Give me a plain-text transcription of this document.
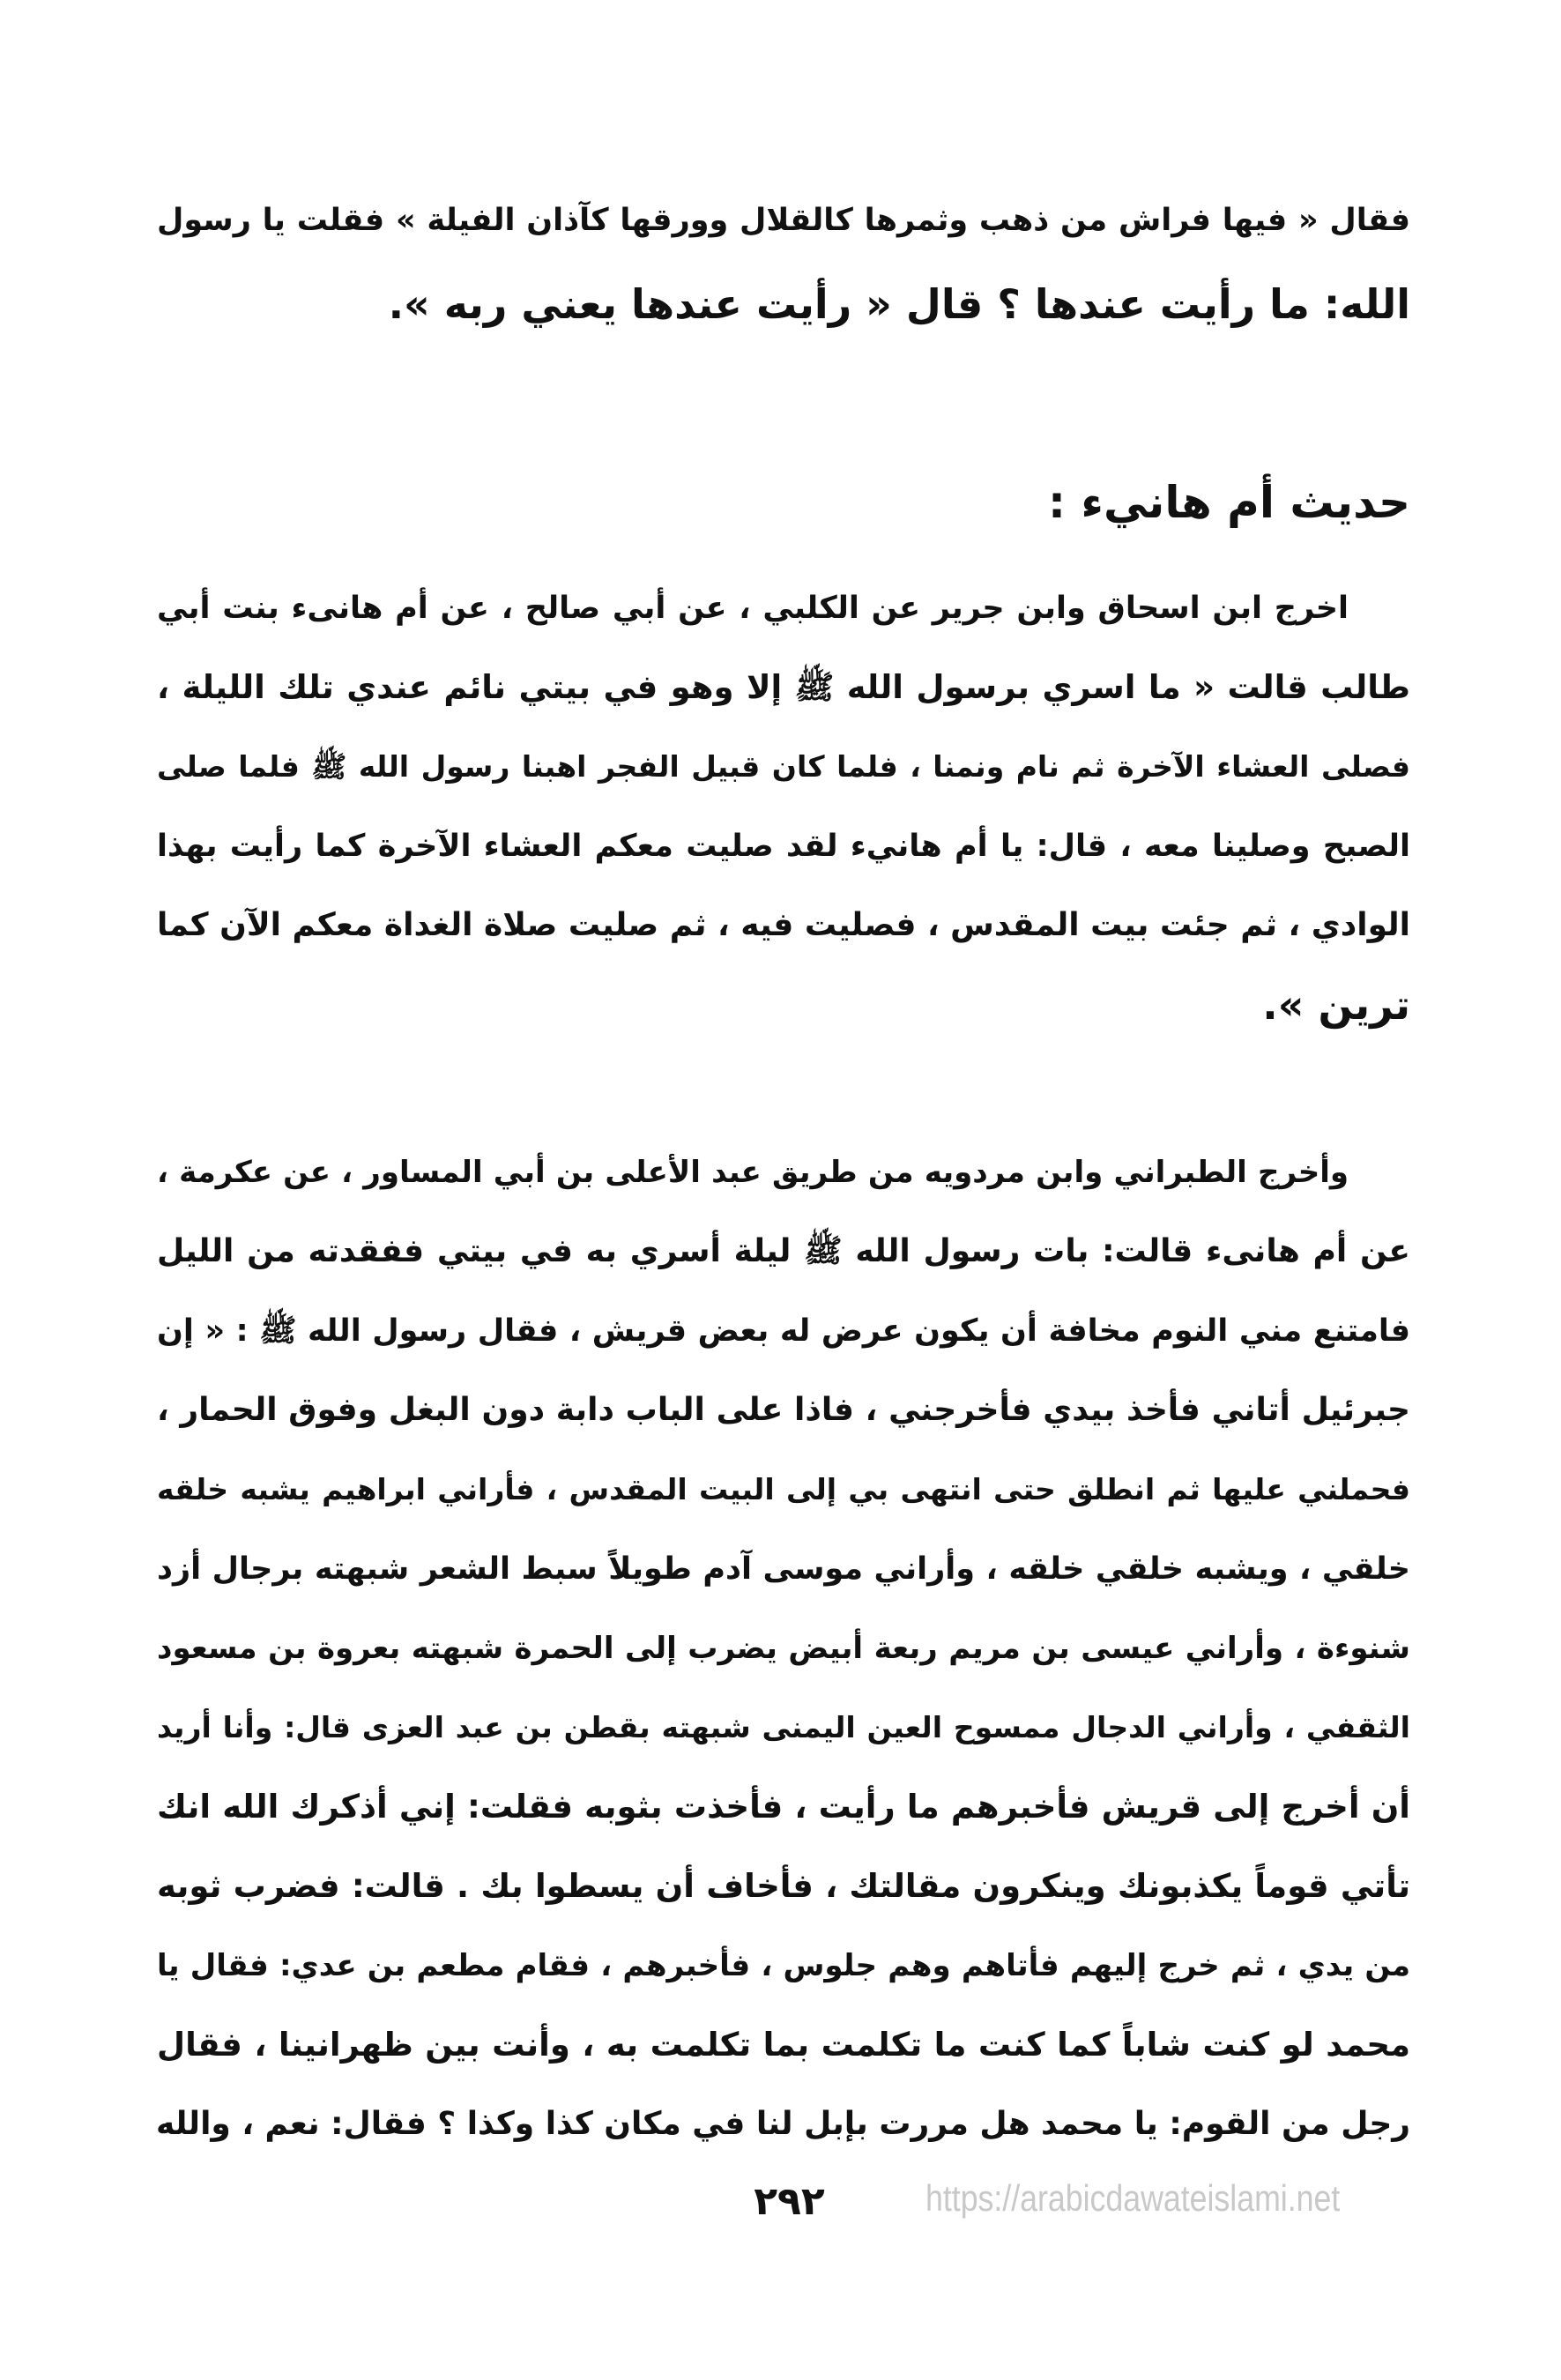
فقال « فيها فراش من ذهب وثمرها كالقلال وورقها كآذان الفيلة » فقلت يا رسول
الله: ما رأيت عندها ؟ قال « رأيت عندها يعني ربه ».
حديث أم هانيء :
اخرج ابن اسحاق وابن جرير عن الكلبي ، عن أبي صالح ، عن أم هانىء بنت أبي
طالب قالت « ما اسري برسول الله ﷺ إلا وهو في بيتي نائم عندي تلك الليلة ،
فصلى العشاء الآخرة ثم نام ونمنا ، فلما كان قبيل الفجر اهبنا رسول الله ﷺ فلما صلى
الصبح وصلينا معه ، قال: يا أم هانيء لقد صليت معكم العشاء الآخرة كما رأيت بهذا
الوادي ، ثم جئت بيت المقدس ، فصليت فيه ، ثم صليت صلاة الغداة معكم الآن كما
ترين ».
وأخرج الطبراني وابن مردويه من طريق عبد الأعلى بن أبي المساور ، عن عكرمة ،
عن أم هانىء قالت: بات رسول الله ﷺ ليلة أسري به في بيتي ففقدته من الليل
فامتنع مني النوم مخافة أن يكون عرض له بعض قريش ، فقال رسول الله ﷺ : « إن
جبرئيل أتاني فأخذ بيدي فأخرجني ، فاذا على الباب دابة دون البغل وفوق الحمار ،
فحملني عليها ثم انطلق حتى انتهى بي إلى البيت المقدس ، فأراني ابراهيم يشبه خلقه
خلقي ، ويشبه خلقي خلقه ، وأراني موسى آدم طويلاً سبط الشعر شبهته برجال أزد
شنوءة ، وأراني عيسى بن مريم ربعة أبيض يضرب إلى الحمرة شبهته بعروة بن مسعود
الثقفي ، وأراني الدجال ممسوح العين اليمنى شبهته بقطن بن عبد العزى قال: وأنا أريد
أن أخرج إلى قريش فأخبرهم ما رأيت ، فأخذت بثوبه فقلت: إني أذكرك الله انك
تأتي قوماً يكذبونك وينكرون مقالتك ، فأخاف أن يسطوا بك . قالت: فضرب ثوبه
من يدي ، ثم خرج إليهم فأتاهم وهم جلوس ، فأخبرهم ، فقام مطعم بن عدي: فقال يا
محمد لو كنت شاباً كما كنت ما تكلمت بما تكلمت به ، وأنت بين ظهرانينا ، فقال
رجل من القوم: يا محمد هل مررت بإبل لنا في مكان كذا وكذا ؟ فقال: نعم ، والله
٢٩٢	https://arabicdawateislami.net
